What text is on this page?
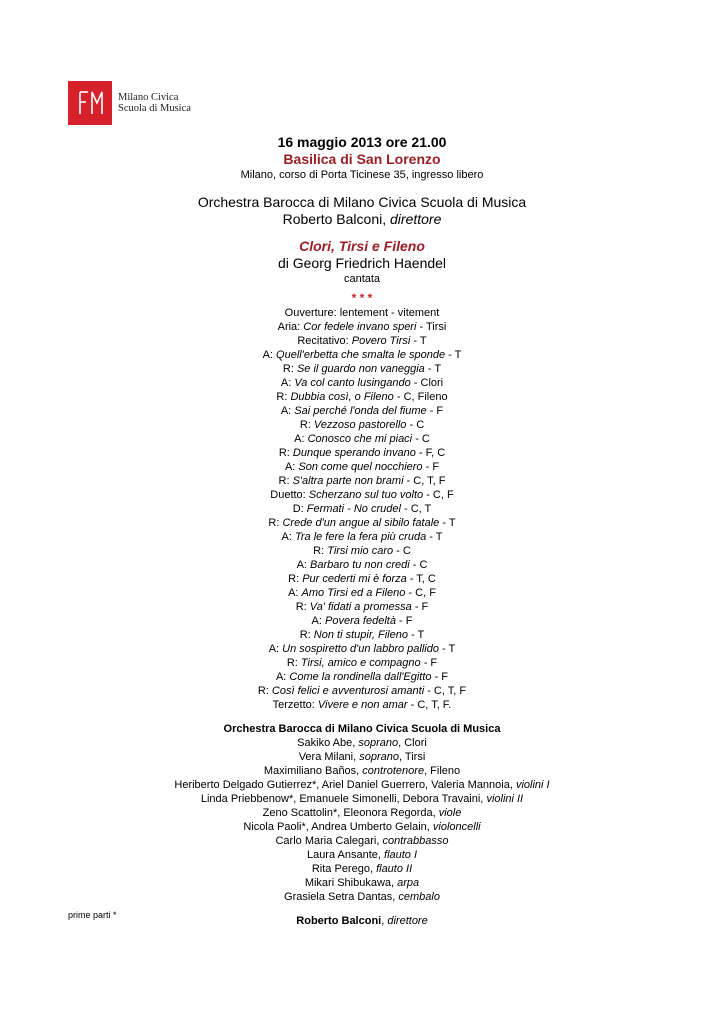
Milano Civica
Scuola di Musica
16 maggio 2013 ore 21.00
Basilica di San Lorenzo
Milano, corso di Porta Ticinese 35, ingresso libero
Orchestra Barocca di Milano Civica Scuola di Musica
Roberto Balconi, direttore
Clori, Tirsi e Fileno
di Georg Friedrich Haendel
cantata
* * *
Ouverture: lentement - vitement
Aria: Cor fedele invano speri - Tirsi
Recitativo: Povero Tirsi - T
A: Quell'erbetta che smalta le sponde - T
R: Se il guardo non vaneggia - T
A: Va col canto lusingando - Clori
R: Dubbia così, o Fileno - C, Fileno
A: Sai perché l'onda del fiume - F
R: Vezzoso pastorello - C
A: Conosco che mi piaci - C
R: Dunque sperando invano - F, C
A: Son come quel nocchiero - F
R: S'altra parte non brami - C, T, F
Duetto: Scherzano sul tuo volto - C, F
D: Fermati - No crudel - C, T
R: Crede d'un angue al sibilo fatale - T
A: Tra le fere la fera più cruda - T
R: Tirsi mio caro - C
A: Barbaro tu non credi - C
R: Pur cederti mi è forza - T, C
A: Amo Tirsi ed a Fileno - C, F
R: Va' fidati a promessa - F
A: Povera fedeltà - F
R: Non ti stupir, Fileno - T
A: Un sospiretto d'un labbro pallido - T
R: Tirsi, amico e compagno - F
A: Come la rondinella dall'Egitto - F
R: Così felici e avventurosi amanti - C, T, F
Terzetto: Vivere e non amar - C, T, F.
Orchestra Barocca di Milano Civica Scuola di Musica
Sakiko Abe, soprano, Clori
Vera Milani, soprano, Tirsi
Maximiliano Baños, controtenore, Fileno
Heriberto Delgado Gutierrez*, Ariel Daniel Guerrero, Valeria Mannoia, violini I
Linda Priebbenow*, Emanuele Simonelli, Debora Travaini, violini II
Zeno Scattolin*, Eleonora Regorda, viole
Nicola Paoli*, Andrea Umberto Gelain, violoncelli
Carlo Maria Calegari, contrabbasso
Laura Ansante, flauto I
Rita Perego, flauto II
Mikari Shibukawa, arpa
Grasiela Setra Dantas, cembalo
Roberto Balconi, direttore
prime parti *
